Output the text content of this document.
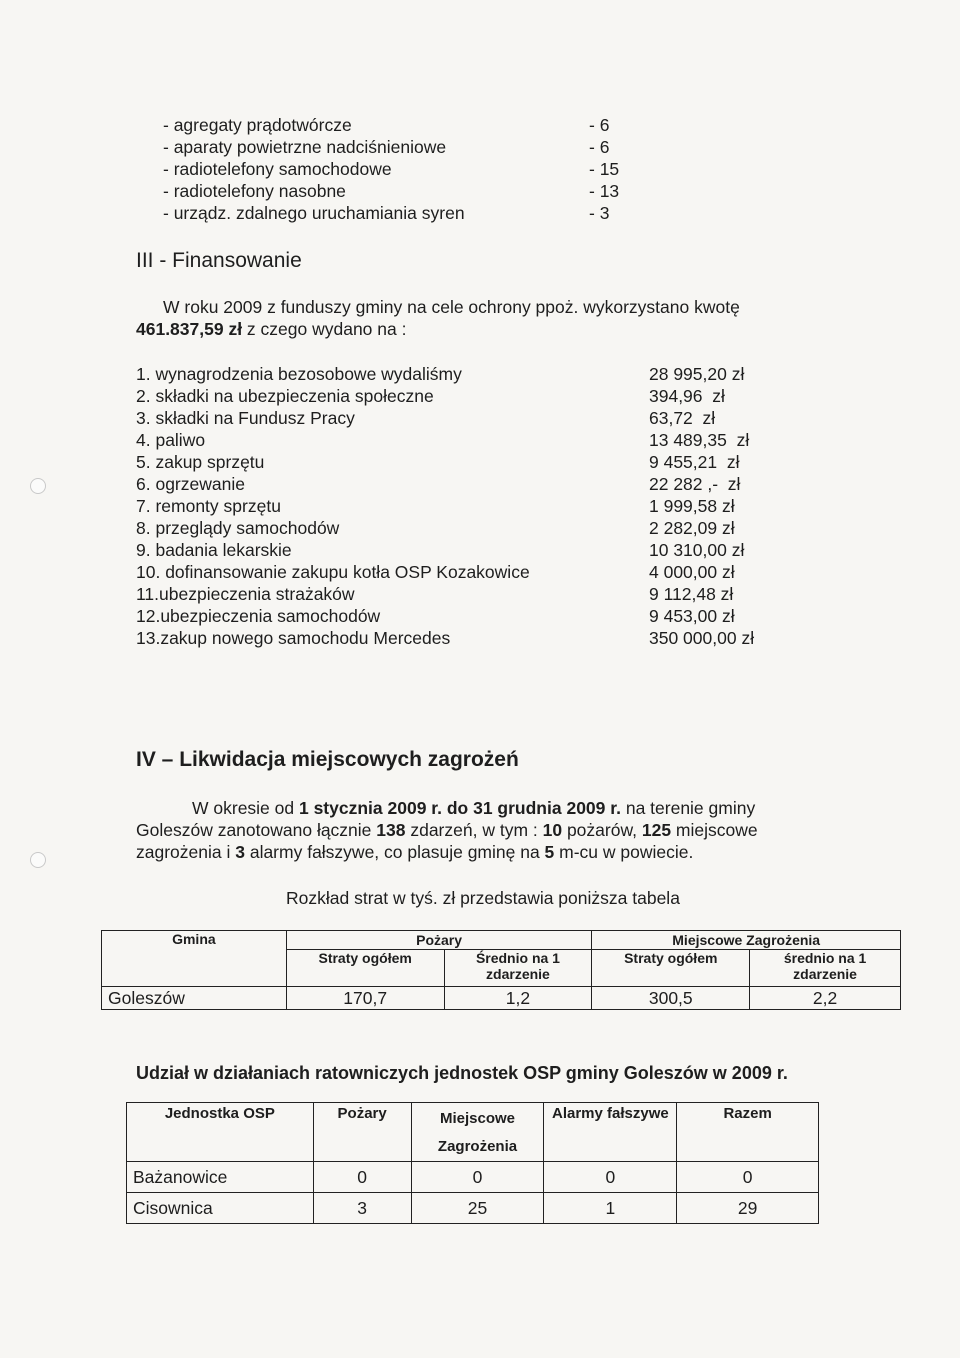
- agregaty prądotwórcze	- 6
- aparaty powietrzne nadciśnieniowe	- 6
- radiotelefony samochodowe	- 15
- radiotelefony nasobne	- 13
- urządz. zdalnego uruchamiania syren	- 3
III - Finansowanie
W roku 2009 z funduszy gminy na cele ochrony ppoż. wykorzystano kwotę
461.837,59 zł z czego wydano na :
1. wynagrodzenia bezosobowe wydaliśmy	28 995,20 zł
2. składki na ubezpieczenia społeczne	394,96  zł
3. składki na Fundusz Pracy	63,72  zł
4. paliwo	13 489,35  zł
5. zakup sprzętu	9 455,21  zł
6. ogrzewanie	22 282 ,-  zł
7. remonty sprzętu	1 999,58 zł
8. przeglądy samochodów	2 282,09 zł
9. badania lekarskie	10 310,00 zł
10. dofinansowanie zakupu kotła OSP Kozakowice	4 000,00 zł
11.ubezpieczenia strażaków	9 112,48 zł
12.ubezpieczenia samochodów	9 453,00 zł
13.zakup nowego samochodu Mercedes	350 000,00 zł
IV – Likwidacja miejscowych zagrożeń
W okresie od 1 stycznia 2009 r. do 31 grudnia 2009 r. na terenie gminy
Goleszów zanotowano łącznie 138 zdarzeń, w tym : 10 pożarów, 125 miejscowe
zagrożenia i 3 alarmy fałszywe, co plasuje gminę na 5 m-cu w powiecie.
Rozkład strat w tyś. zł przedstawia poniższa tabela
Gmina	Pożary		Miejscowe Zagrożenia	
	Straty ogółem	Średnio na 1 zdarzenie	Straty ogółem	średnio na 1 zdarzenie
Goleszów	170,7	1,2	300,5	2,2
Udział w działaniach ratowniczych jednostek OSP gminy Goleszów w 2009 r.
Jednostka OSP	Pożary	Miejscowe Zagrożenia	Alarmy fałszywe	Razem
Bażanowice	0	0	0	0
Cisownica	3	25	1	29
